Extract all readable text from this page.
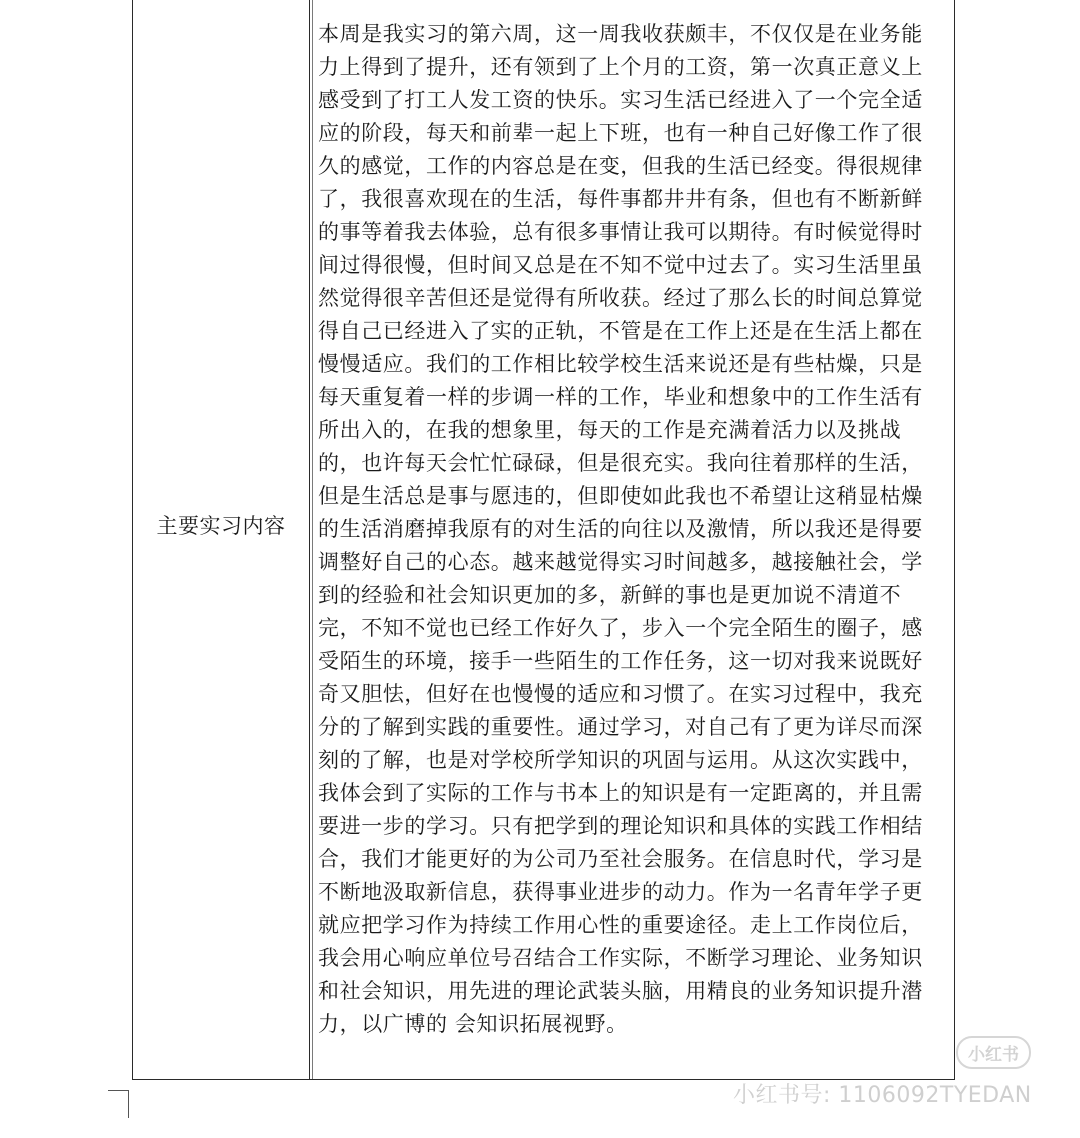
主要实习内容
本周是我实习的第六周，这一周我收获颇丰，不仅仅是在业务能
力上得到了提升，还有领到了上个月的工资，第一次真正意义上
感受到了打工人发工资的快乐。实习生活已经进入了一个完全适
应的阶段，每天和前辈一起上下班，也有一种自己好像工作了很
久的感觉，工作的内容总是在变，但我的生活已经变。得很规律
了，我很喜欢现在的生活，每件事都井井有条，但也有不断新鲜
的事等着我去体验，总有很多事情让我可以期待。有时候觉得时
间过得很慢，但时间又总是在不知不觉中过去了。实习生活里虽
然觉得很辛苦但还是觉得有所收获。经过了那么长的时间总算觉
得自己已经进入了实的正轨，不管是在工作上还是在生活上都在
慢慢适应。我们的工作相比较学校生活来说还是有些枯燥，只是
每天重复着一样的步调一样的工作，毕业和想象中的工作生活有
所出入的，在我的想象里，每天的工作是充满着活力以及挑战
的，也许每天会忙忙碌碌，但是很充实。我向往着那样的生活，
但是生活总是事与愿违的，但即使如此我也不希望让这稍显枯燥
的生活消磨掉我原有的对生活的向往以及激情，所以我还是得要
调整好自己的心态。越来越觉得实习时间越多，越接触社会，学
到的经验和社会知识更加的多，新鲜的事也是更加说不清道不
完，不知不觉也已经工作好久了，步入一个完全陌生的圈子，感
受陌生的环境，接手一些陌生的工作任务，这一切对我来说既好
奇又胆怯，但好在也慢慢的适应和习惯了。在实习过程中，我充
分的了解到实践的重要性。通过学习，对自己有了更为详尽而深
刻的了解，也是对学校所学知识的巩固与运用。从这次实践中，
我体会到了实际的工作与书本上的知识是有一定距离的，并且需
要进一步的学习。只有把学到的理论知识和具体的实践工作相结
合，我们才能更好的为公司乃至社会服务。在信息时代，学习是
不断地汲取新信息，获得事业进步的动力。作为一名青年学子更
就应把学习作为持续工作用心性的重要途径。走上工作岗位后，
我会用心响应单位号召结合工作实际，不断学习理论、业务知识
和社会知识，用先进的理论武装头脑，用精良的业务知识提升潜
力，以广博的 会知识拓展视野。
小红书
小红书号: 1106092TYEDAN
